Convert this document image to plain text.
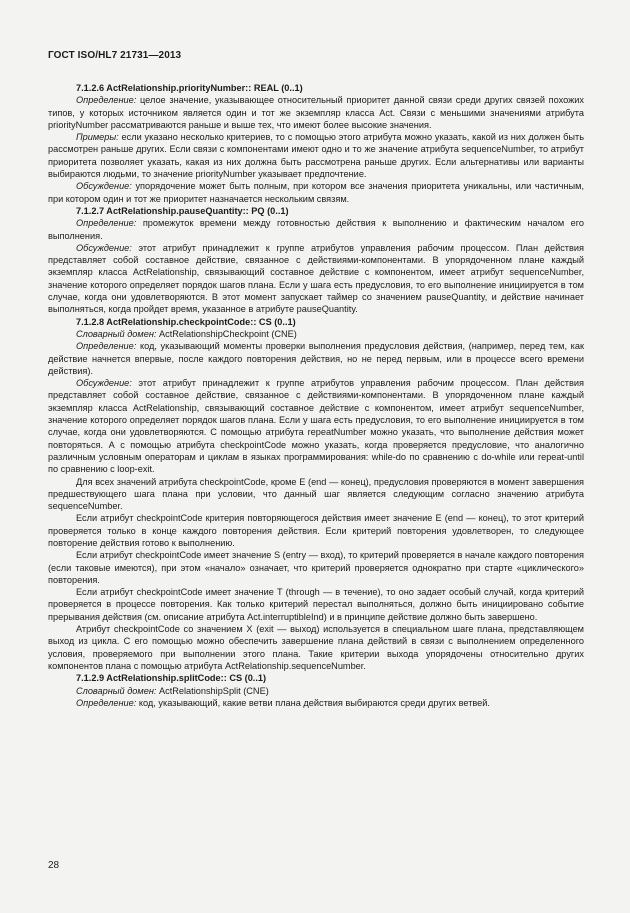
ГОСТ ISO/HL7 21731—2013

7.1.2.6 ActRelationship.priorityNumber:: REAL (0..1)

Определение: целое значение, указывающее относительный приоритет данной связи среди других связей похожих типов, у которых источником является один и тот же экземпляр класса Act. Связи с меньшими значениями атрибута priorityNumber рассматриваются раньше и выше тех, что имеют более высокие значения.

Примеры: если указано несколько критериев, то с помощью этого атрибута можно указать, какой из них должен быть рассмотрен раньше других. Если связи с компонентами имеют одно и то же значение атрибута sequenceNumber, то атрибут приоритета позволяет указать, какая из них должна быть рассмотрена раньше других. Если альтернативы или варианты выбираются людьми, то значение priorityNumber указывает предпочтение.

Обсуждение: упорядочение может быть полным, при котором все значения приоритета уникальны, или частичным, при котором один и тот же приоритет назначается нескольким связям.

7.1.2.7 ActRelationship.pauseQuantity:: PQ (0..1)

Определение: промежуток времени между готовностью действия к выполнению и фактическим началом его выполнения.

Обсуждение: этот атрибут принадлежит к группе атрибутов управления рабочим процессом. План действия представляет собой составное действие, связанное с действиями-компонентами. В упорядоченном плане каждый экземпляр класса ActRelationship, связывающий составное действие с компонентом, имеет атрибут sequenceNumber, значение которого определяет порядок шагов плана. Если у шага есть предусловия, то его выполнение инициируется в том случае, когда они удовлетворяются. В этот момент запускает таймер со значением pauseQuantity, и действие начинает выполняться, когда пройдет время, указанное в атрибуте pauseQuantity.

7.1.2.8 ActRelationship.checkpointCode:: CS (0..1)

Словарный домен: ActRelationshipCheckpoint (CNE)

Определение: код, указывающий моменты проверки выполнения предусловия действия, (например, перед тем, как действие начнется впервые, после каждого повторения действия, но не перед первым, или в процессе всего времени действия).

Обсуждение: этот атрибут принадлежит к группе атрибутов управления рабочим процессом. План действия представляет собой составное действие, связанное с действиями-компонентами. В упорядоченном плане каждый экземпляр класса ActRelationship, связывающий составное действие с компонентом, имеет атрибут sequenceNumber, значение которого определяет порядок шагов плана. Если у шага есть предусловия, то его выполнение инициируется в том случае, когда они удовлетворяются. С помощью атрибута repeatNumber можно указать, что выполнение действия может повторяться. А с помощью атрибута checkpointCode можно указать, когда проверяется предусловие, что аналогично различным условным операторам и циклам в языках программирования: while-do по сравнению с do-while или repeat-until по сравнению с loop-exit.

Для всех значений атрибута checkpointCode, кроме E (end — конец), предусловия проверяются в момент завершения предшествующего шага плана при условии, что данный шаг является следующим согласно значению атрибута sequenceNumber.

Если атрибут checkpointCode критерия повторяющегося действия имеет значение E (end — конец), то этот критерий проверяется только в конце каждого повторения действия. Если критерий повторения удовлетворен, то следующее повторение действия готово к выполнению.

Если атрибут checkpointCode имеет значение S (entry — вход), то критерий проверяется в начале каждого повторения (если таковые имеются), при этом «начало» означает, что критерий проверяется однократно при старте «циклического» повторения.

Если атрибут checkpointCode имеет значение T (through — в течение), то оно задает особый случай, когда критерий проверяется в процессе повторения. Как только критерий перестал выполняться, должно быть инициировано событие прерывания действия (см. описание атрибута Act.interruptibleInd) и в принципе действие должно быть завершено.

Атрибут checkpointCode со значением X (exit — выход) используется в специальном шаге плана, представляющем выход из цикла. С его помощью можно обеспечить завершение плана действий в связи с выполнением определенного условия, проверяемого при выполнении этого плана. Такие критерии выхода упорядочены относительно других компонентов плана с помощью атрибута ActRelationship.sequenceNumber.

7.1.2.9 ActRelationship.splitCode:: CS (0..1)

Словарный домен: ActRelationshipSplit (CNE)

Определение: код, указывающий, какие ветви плана действия выбираются среди других ветвей.

28
